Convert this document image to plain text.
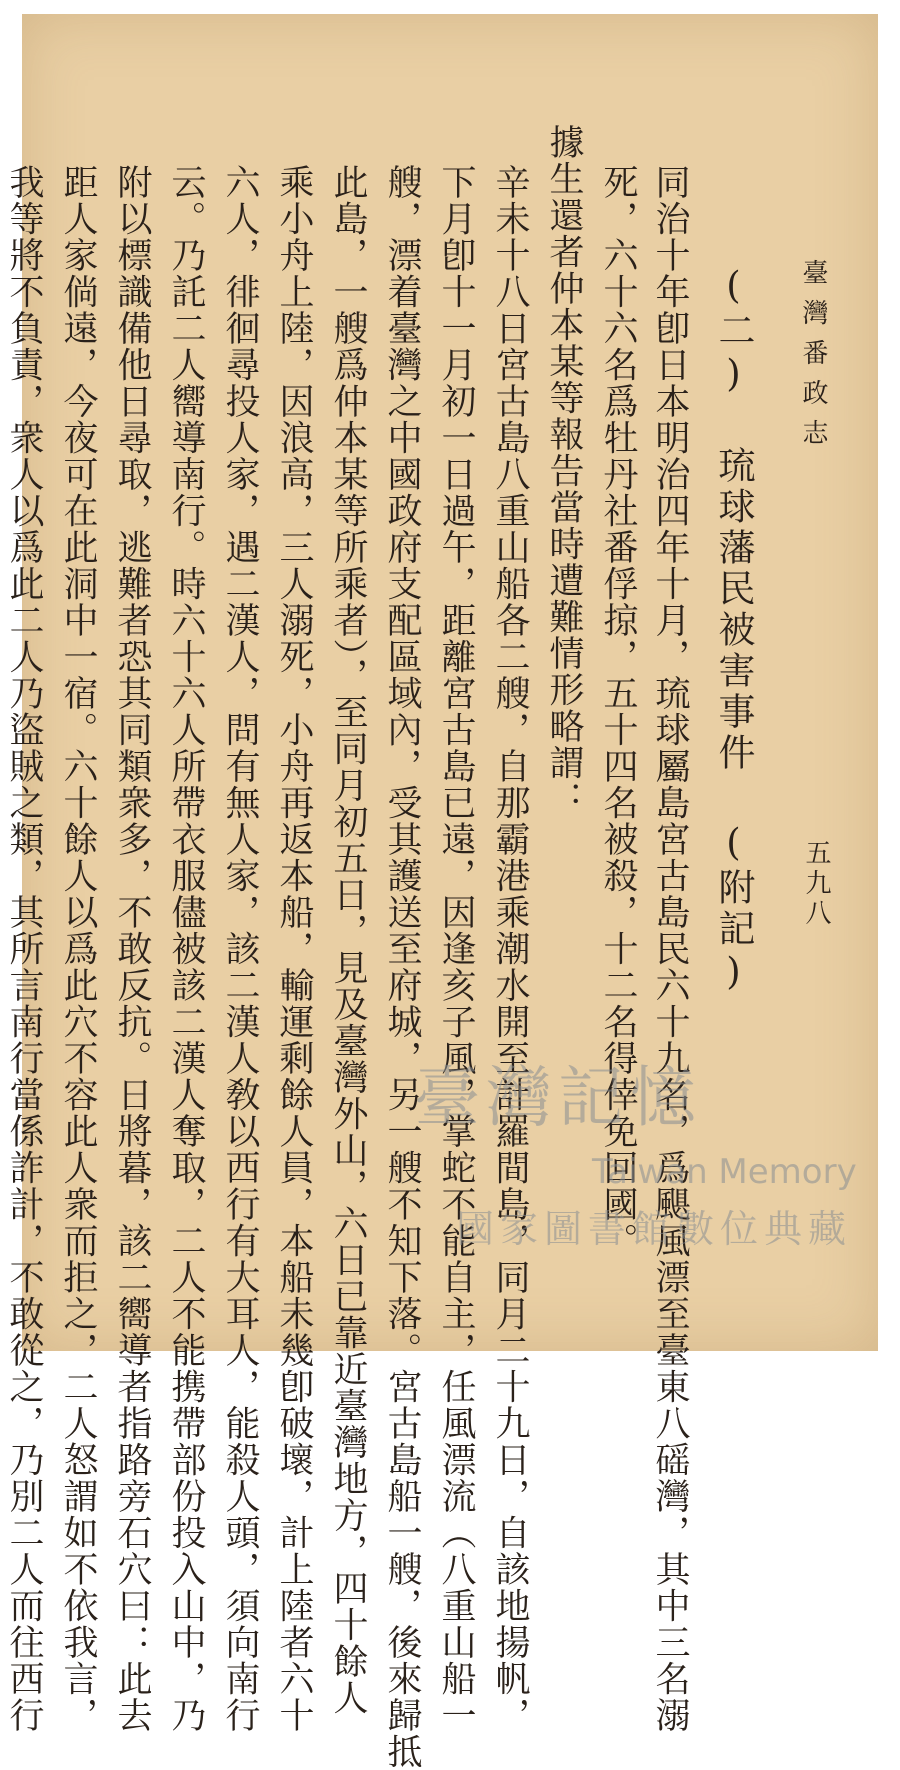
臺灣番政志
五九八
(二) 琉球藩民被害事件 (附記)
同治十年卽日本明治四年十月，琉球屬島宮古島民六十九名，爲颶風漂至臺東八磘灣，其中三名溺
死，六十六名爲牡丹社番俘掠，五十四名被殺，十二名得倖免回國。
據生還者仲本某等報告當時遭難情形略謂：
辛未十八日宮古島八重山船各二艘，自那霸港乘潮水開至計羅間島，同月二十九日，自該地揚帆，
下月卽十一月初一日過午，距離宮古島已遠，因逢亥子風，掌蛇不能自主，任風漂流（八重山船一
艘，漂着臺灣之中國政府支配區域內，受其護送至府城，另一艘不知下落。宮古島船一艘，後來歸抵
此島，一艘爲仲本某等所乘者），至同月初五日，見及臺灣外山，六日已靠近臺灣地方，四十餘人
乘小舟上陸，因浪高，三人溺死，小舟再返本船，輸運剩餘人員，本船未幾卽破壞，計上陸者六十
六人，徘徊尋投人家，遇二漢人，問有無人家，該二漢人敎以西行有大耳人，能殺人頭，須向南行
云。乃託二人嚮導南行。時六十六人所帶衣服儘被該二漢人奪取，二人不能携帶部份投入山中，乃
附以標識備他日尋取，逃難者恐其同類衆多，不敢反抗。日將暮，該二嚮導者指路旁石穴曰：此去
距人家倘遠，今夜可在此洞中一宿。六十餘人以爲此穴不容此人衆而拒之，二人怒謂如不依我言，
我等將不負責，衆人以爲此二人乃盜賊之類，其所言南行當係詐計，不敢從之，乃別二人而往西行	臺灣記憶
Taiwan Memory
國家圖書館數位典藏
